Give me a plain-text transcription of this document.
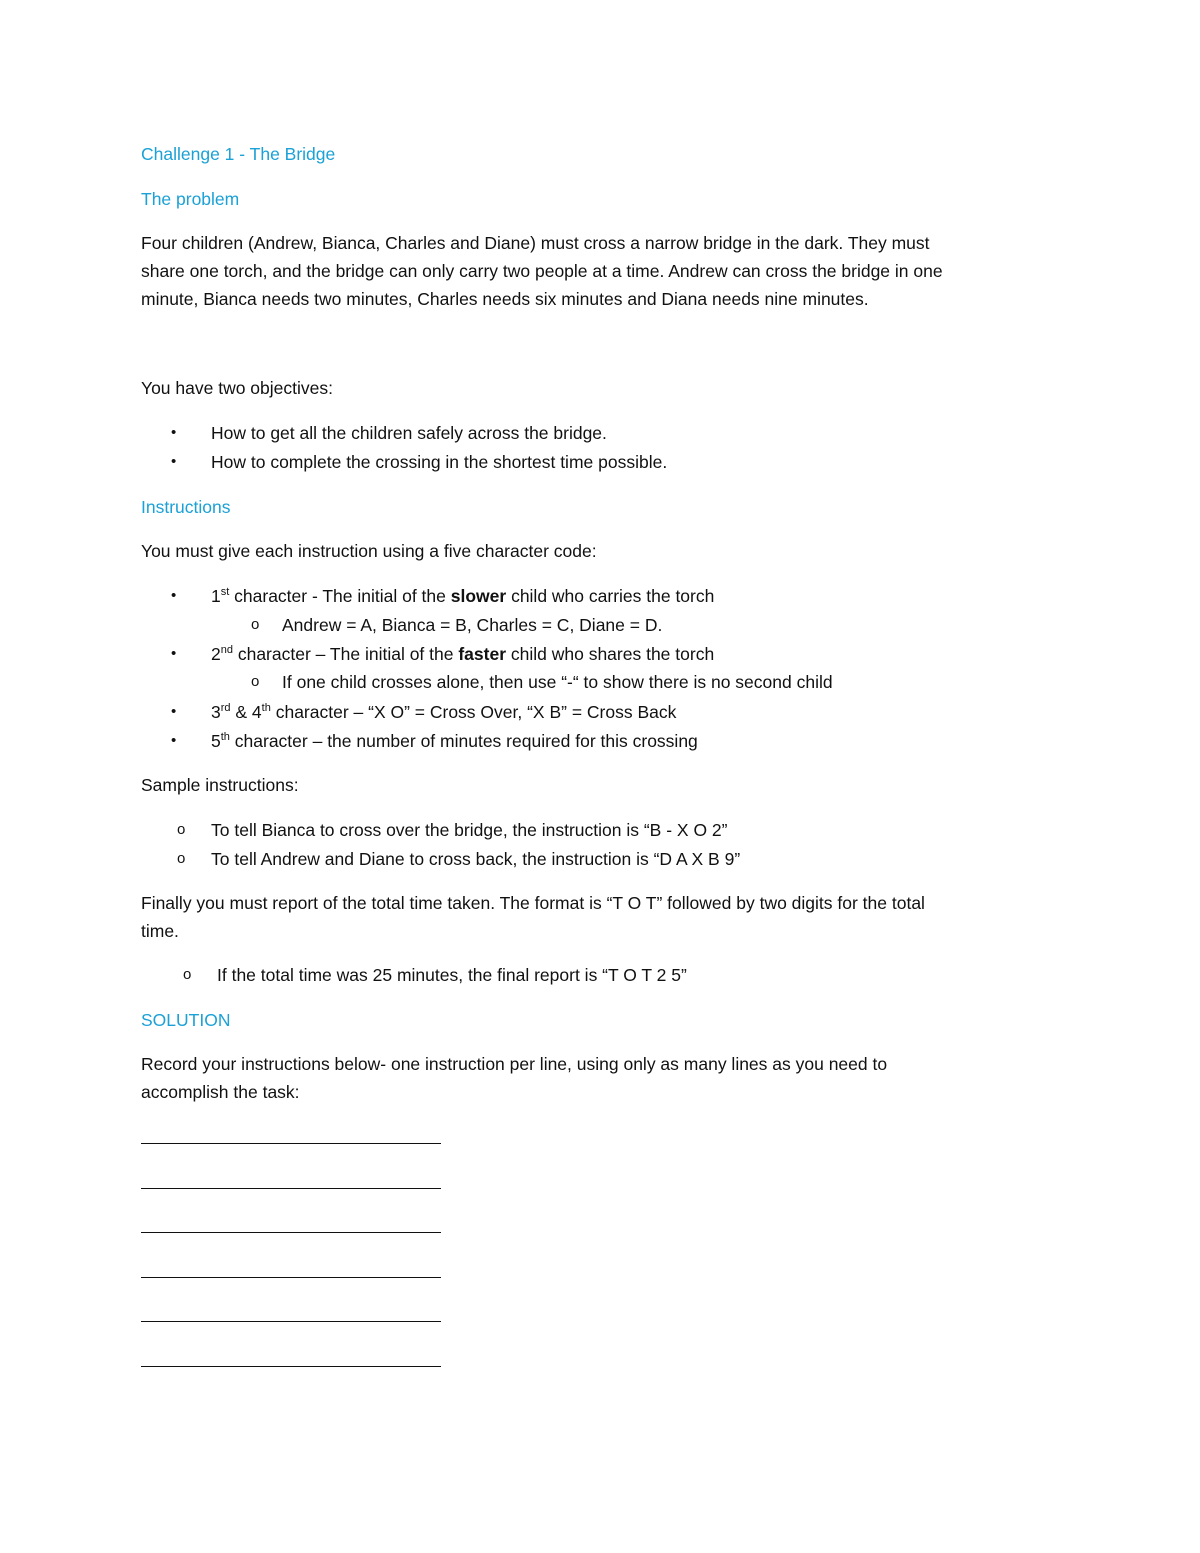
Challenge 1 - The Bridge
The problem
Four children (Andrew, Bianca, Charles and Diane) must cross a narrow bridge in the dark. They must
share one torch, and the bridge can only carry two people at a time. Andrew can cross the bridge in one
minute, Bianca needs two minutes, Charles needs six minutes and Diana needs nine minutes.
You have two objectives:
• How to get all the children safely across the bridge.
• How to complete the crossing in the shortest time possible.
Instructions
You must give each instruction using a five character code:
• 1st character - The initial of the slower child who carries the torch
o Andrew = A, Bianca = B, Charles = C, Diane = D.
• 2nd character – The initial of the faster child who shares the torch
o If one child crosses alone, then use “-“ to show there is no second child
• 3rd & 4th character – “X O” = Cross Over, “X B” = Cross Back
• 5th character – the number of minutes required for this crossing
Sample instructions:
o To tell Bianca to cross over the bridge, the instruction is “B - X O 2”
o To tell Andrew and Diane to cross back, the instruction is “D A X B 9”
Finally you must report of the total time taken. The format is “T O T” followed by two digits for the total
time.
o If the total time was 25 minutes, the final report is “T O T 2 5”
SOLUTION
Record your instructions below- one instruction per line, using only as many lines as you need to
accomplish the task:
